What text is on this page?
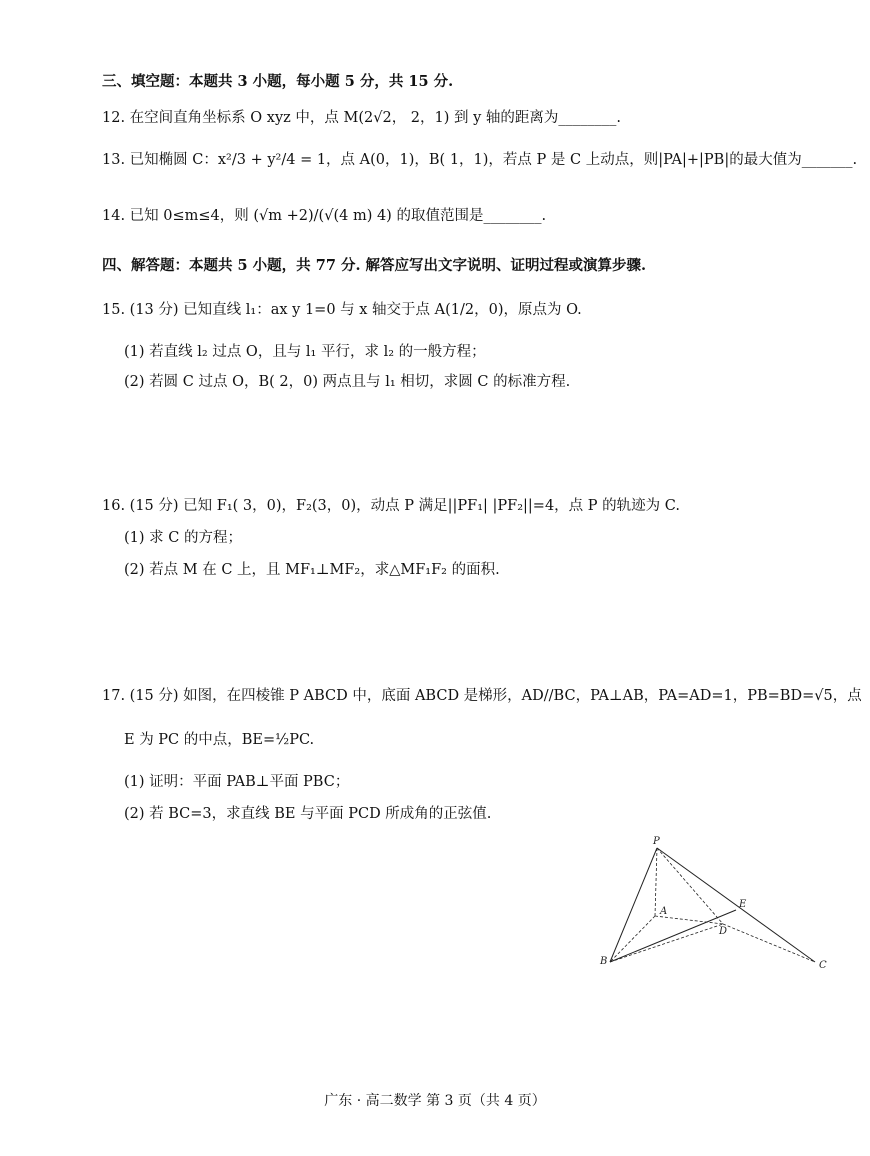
三、填空题：本题共 3 小题，每小题 5 分，共 15 分.
12. 在空间直角坐标系 O xyz 中，点 M(2√2， 2，1) 到 y 轴的距离为________.
13. 已知椭圆 C：x²/3 + y²/4 = 1，点 A(0，1)，B( 1，1)，若点 P 是 C 上动点，则|PA|+|PB|的最大值为_______.
14. 已知 0≤m≤4，则 (√m +2)/(√(4 m) 4) 的取值范围是________.
四、解答题：本题共 5 小题，共 77 分. 解答应写出文字说明、证明过程或演算步骤.
15. (13 分) 已知直线 l₁：ax y 1=0 与 x 轴交于点 A(1/2，0)，原点为 O.
(1) 若直线 l₂ 过点 O，且与 l₁ 平行，求 l₂ 的一般方程；
(2) 若圆 C 过点 O，B( 2，0) 两点且与 l₁ 相切，求圆 C 的标准方程.
16. (15 分) 已知 F₁( 3，0)，F₂(3，0)，动点 P 满足||PF₁| |PF₂||=4，点 P 的轨迹为 C.
(1) 求 C 的方程；
(2) 若点 M 在 C 上，且 MF₁⊥MF₂，求△MF₁F₂ 的面积.
17. (15 分) 如图，在四棱锥 P ABCD 中，底面 ABCD 是梯形，AD//BC，PA⊥AB，PA=AD=1，PB=BD=√5，点
E 为 PC 的中点，BE=½PC.
(1) 证明：平面 PAB⊥平面 PBC；
(2) 若 BC=3，求直线 BE 与平面 PCD 所成角的正弦值.
P
A
B	C
D
E
广东 · 高二数学 第 3 页（共 4 页）
